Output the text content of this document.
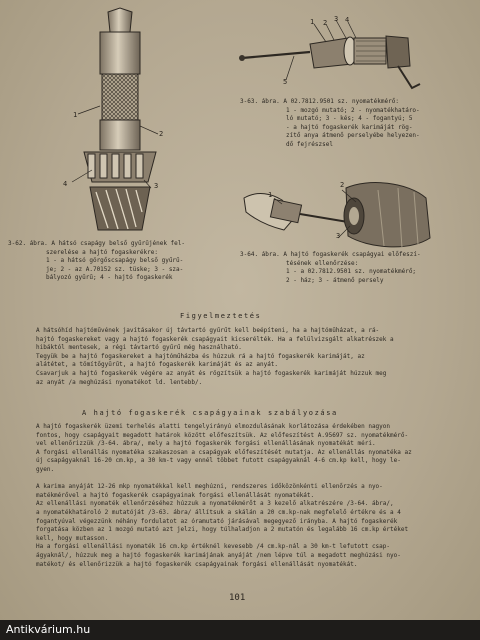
1
2
3
4
3-62. ábra. A hátsó csapágy belső gyűrűjének fel-
szerelése a hajtó fogaskerékre:
1 - a hátsó görgőscsapágy belső gyűrű-
je; 2 - az A.70152 sz. tüske; 3 - sza-
bályozó gyűrű; 4 - hajtó fogaskerék
1 2 3 4
5
3-63. ábra. A 02.7812.9501 sz. nyomatékmérő:
1 - mozgó mutató; 2 - nyomatékhatáro-
ló mutató; 3 - kés; 4 - fogantyú; 5
- a hajtó fogaskerék karimáját rög-
zítő anya átmenő perselyébe helyezen-
dő fejrészsel
1
2
3
3-64. ábra. A hajtó fogaskerék csapágyai előfeszí-
tésének ellenőrzése:
1 - a 02.7812.9501 sz. nyomatékmérő;
2 - ház; 3 - átmenő persely
Figyelmeztetés
A hátsóhíd hajtóművének javításakor új távtartó gyűrűt kell beépíteni, ha a hajtóműházat, a rá-
hajtó fogaskereket vagy a hajtó fogaskerék csapágyait kicserélték. Ha a felülvizsgált alkatrészek a
hibáktól mentesek, a régi távtartó gyűrű még használható.
Tegyük be a hajtó fogaskereket a hajtóműházba és húzzuk rá a hajtó fogaskerék karimáját, az
alátétet, a tömítőgyűrűt, a hajtó fogaskerék karimáját és az anyát.
Csavarjuk a hajtó fogaskerék végére az anyát és rögzítsük a hajtó fogaskerék karimáját húzzuk meg
az anyát /a meghúzási nyomatékot ld. lentebb/.
A hajtó fogaskerék csapágyainak szabályozása
A hajtó fogaskerék üzemi terhelés alatti tengelyirányú elmozdulásának korlátozása érdekében nagyon
fontos, hogy csapágyait megadott határok között előfeszítsük. Az előfeszítést A.95697 sz. nyomatékmérő-
vel ellenőrizzük /3-64. ábra/, mely a hajtó fogaskerék forgási ellenállásának nyomatékát méri.
A forgási ellenállás nyomatéka szakaszosan a csapágyak előfeszítését mutatja. Az ellenállás nyomatéka az
új csapágyaknál 16-20 cm.kp, a 30 km-t vagy ennél többet futott csapágyaknál 4-6 cm.kp kell, hogy le-
gyen.
A karima anyáját 12-26 mkp nyomatékkal kell meghúzni, rendszeres időközönkénti ellenőrzés a nyo-
matékmérővel a hajtó fogaskerék csapágyainak forgási ellenállását nyomatékát.
Az ellenállási nyomaték ellenőrzéséhez húzzuk a nyomatékmérőt a 3 kezelő alkatrészére /3-64. ábra/,
a nyomatékhatároló 2 mutatóját /3-63. ábra/ állítsuk a skálán a 20 cm.kp-nak megfelelő értékre és a 4
fogantyúval végezzünk néhány fordulatot az óramutató járásával megegyező irányba. A hajtó fogaskerék
forgatása közben az 1 mozgó mutató azt jelzi, hogy túlhaladjon a 2 mutatón és legalább 16 cm.kp értéket
kell, hogy mutasson.
Ha a forgási ellenállási nyomaték 16 cm.kp értéknél kevesebb /4 cm.kp-nál a 30 km-t lefutott csap-
ágyaknál/, húzzuk meg a hajtó fogaskerék karimájának anyáját /nem lépve túl a megadott meghúzási nyo-
matékot/ és ellenőrizzük a hajtó fogaskerék csapágyainak forgási ellenállását nyomatékát.
101
Antikvárium.hu
